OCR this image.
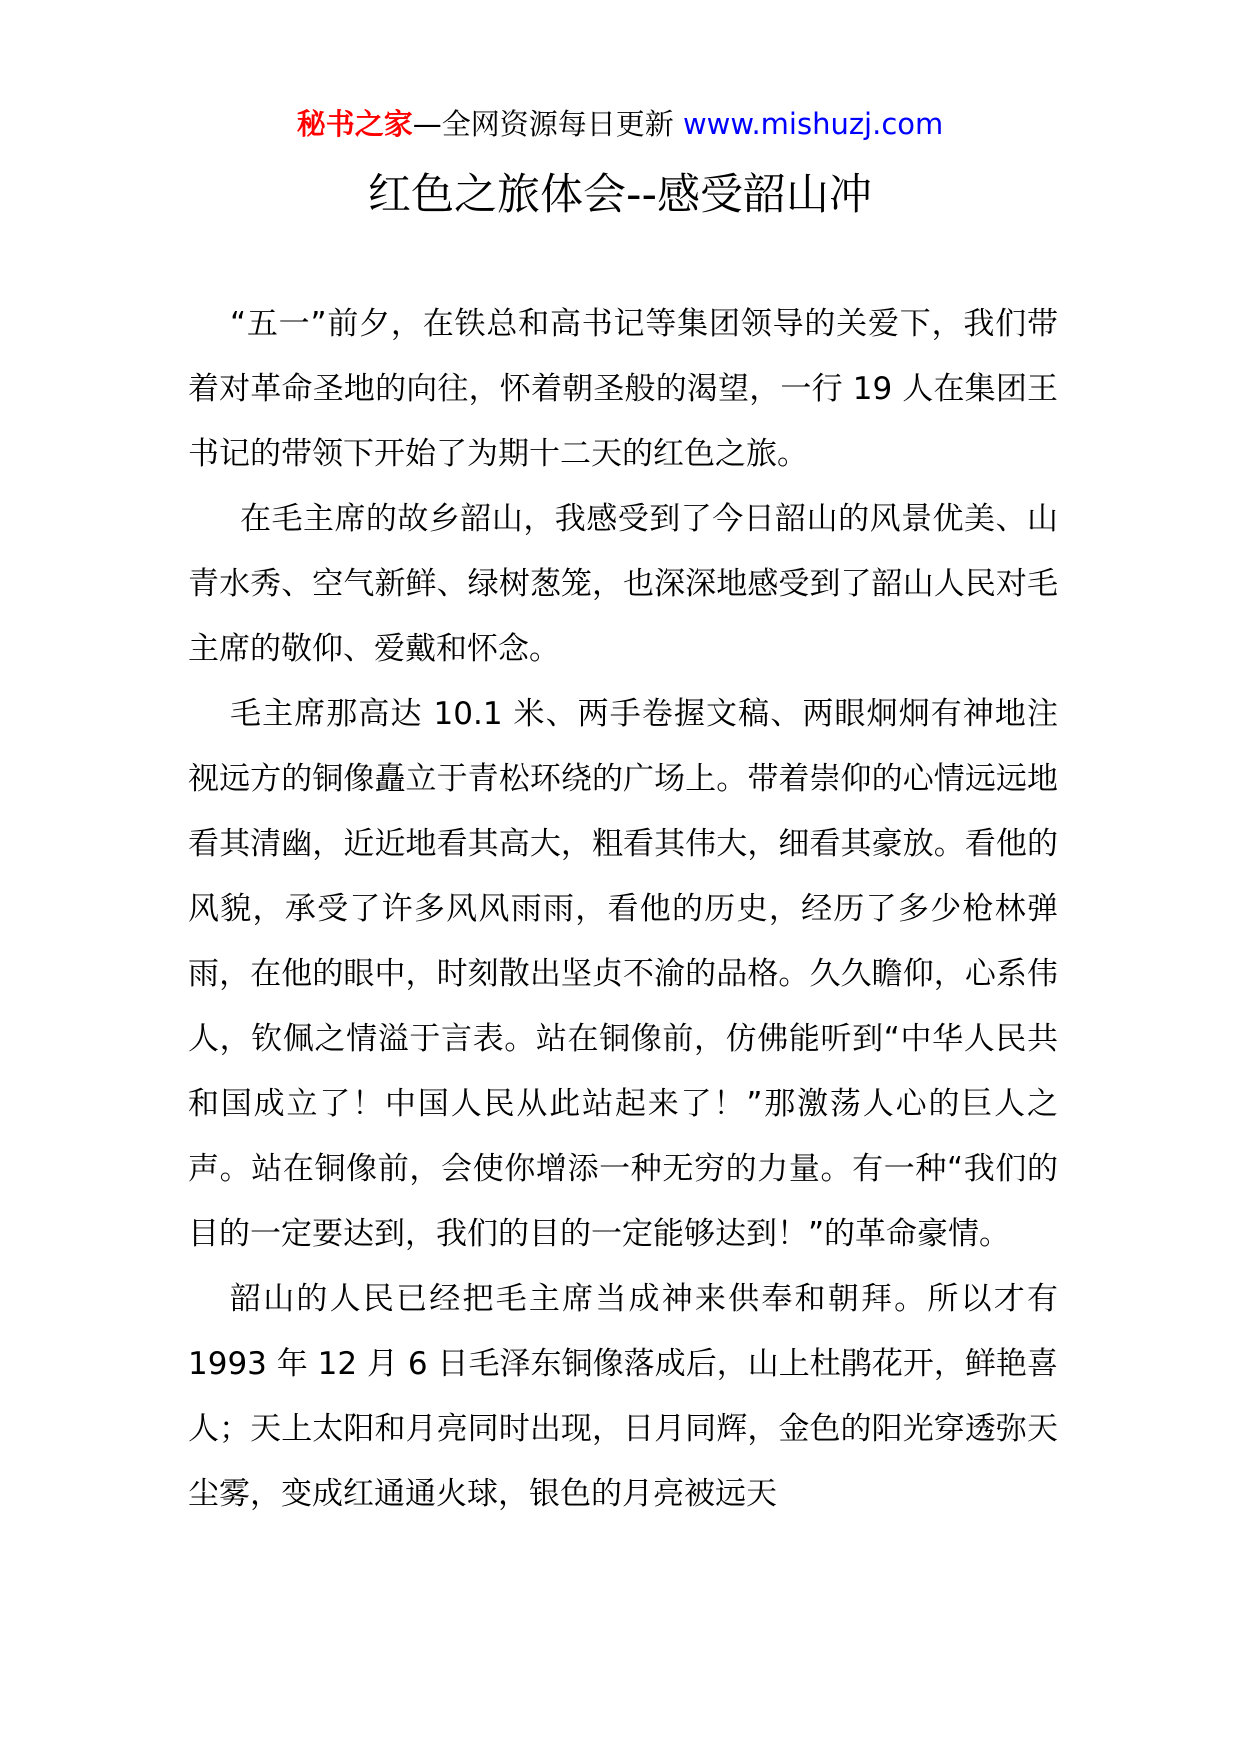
秘书之家—全网资源每日更新 www.mishuzj.com
红色之旅体会--感受韶山冲

“五一”前夕，在铁总和高书记等集团领导的关爱下，我们带着对革命圣地的向往，怀着朝圣般的渴望，一行 19 人在集团王书记的带领下开始了为期十二天的红色之旅。

在毛主席的故乡韶山，我感受到了今日韶山的风景优美、山青水秀、空气新鲜、绿树葱笼，也深深地感受到了韶山人民对毛主席的敬仰、爱戴和怀念。

毛主席那高达 10.1 米、两手卷握文稿、两眼炯炯有神地注视远方的铜像矗立于青松环绕的广场上。带着崇仰的心情远远地看其清幽，近近地看其高大，粗看其伟大，细看其豪放。看他的风貌，承受了许多风风雨雨，看他的历史，经历了多少枪林弹雨，在他的眼中，时刻散出坚贞不渝的品格。久久瞻仰，心系伟人，钦佩之情溢于言表。站在铜像前，仿佛能听到“中华人民共和国成立了！中国人民从此站起来了！”那激荡人心的巨人之声。站在铜像前，会使你增添一种无穷的力量。有一种“我们的目的一定要达到，我们的目的一定能够达到！”的革命豪情。

韶山的人民已经把毛主席当成神来供奉和朝拜。所以才有 1993 年 12 月 6 日毛泽东铜像落成后，山上杜鹃花开，鲜艳喜人；天上太阳和月亮同时出现，日月同辉，金色的阳光穿透弥天尘雾，变成红通通火球，银色的月亮被远天
